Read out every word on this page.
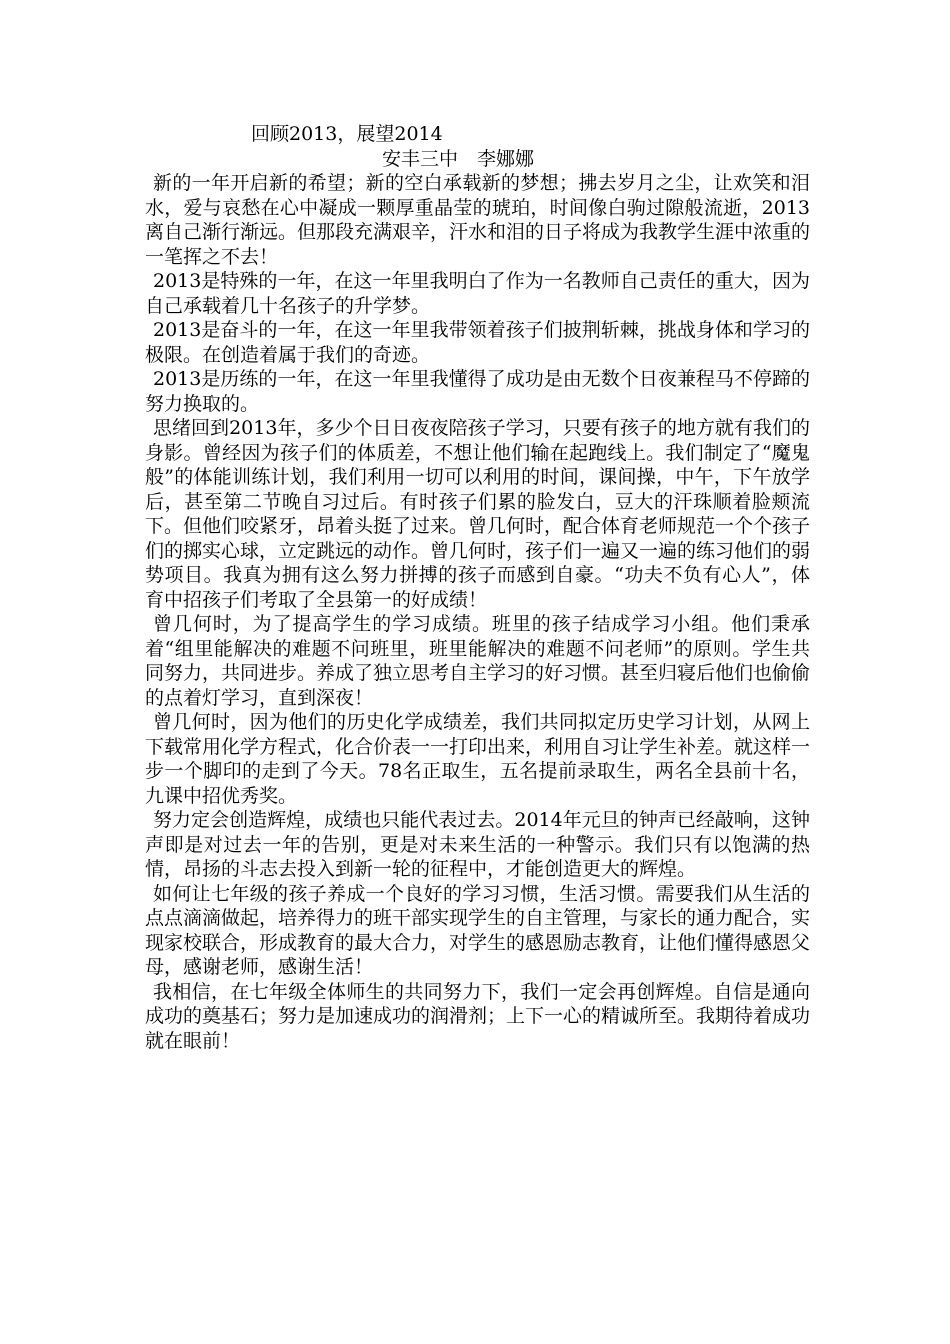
回顾2013，展望2014

安丰三中　李娜娜

新的一年开启新的希望；新的空白承载新的梦想；拂去岁月之尘，让欢笑和泪水，爱与哀愁在心中凝成一颗厚重晶莹的琥珀，时间像白驹过隙般流逝，2013离自己渐行渐远。但那段充满艰辛，汗水和泪的日子将成为我教学生涯中浓重的一笔挥之不去！

2013是特殊的一年，在这一年里我明白了作为一名教师自己责任的重大，因为自己承载着几十名孩子的升学梦。

2013是奋斗的一年，在这一年里我带领着孩子们披荆斩棘，挑战身体和学习的极限。在创造着属于我们的奇迹。

2013是历练的一年，在这一年里我懂得了成功是由无数个日夜兼程马不停蹄的努力换取的。

思绪回到2013年，多少个日日夜夜陪孩子学习，只要有孩子的地方就有我们的身影。曾经因为孩子们的体质差，不想让他们输在起跑线上。我们制定了“魔鬼般”的体能训练计划，我们利用一切可以利用的时间，课间操，中午，下午放学后，甚至第二节晚自习过后。有时孩子们累的脸发白，豆大的汗珠顺着脸颊流下。但他们咬紧牙，昂着头挺了过来。曾几何时，配合体育老师规范一个个孩子们的掷实心球，立定跳远的动作。曾几何时，孩子们一遍又一遍的练习他们的弱势项目。我真为拥有这么努力拼搏的孩子而感到自豪。“功夫不负有心人”，体育中招孩子们考取了全县第一的好成绩！

曾几何时，为了提高学生的学习成绩。班里的孩子结成学习小组。他们秉承着“组里能解决的难题不问班里，班里能解决的难题不问老师”的原则。学生共同努力，共同进步。养成了独立思考自主学习的好习惯。甚至归寝后他们也偷偷的点着灯学习，直到深夜！

曾几何时，因为他们的历史化学成绩差，我们共同拟定历史学习计划，从网上下载常用化学方程式，化合价表一一打印出来，利用自习让学生补差。就这样一步一个脚印的走到了今天。78名正取生，五名提前录取生，两名全县前十名，九课中招优秀奖。

努力定会创造辉煌，成绩也只能代表过去。2014年元旦的钟声已经敲响，这钟声即是对过去一年的告别，更是对未来生活的一种警示。我们只有以饱满的热情，昂扬的斗志去投入到新一轮的征程中，才能创造更大的辉煌。

如何让七年级的孩子养成一个良好的学习习惯，生活习惯。需要我们从生活的点点滴滴做起，培养得力的班干部实现学生的自主管理，与家长的通力配合，实现家校联合，形成教育的最大合力，对学生的感恩励志教育，让他们懂得感恩父母，感谢老师，感谢生活！

我相信，在七年级全体师生的共同努力下，我们一定会再创辉煌。自信是通向成功的奠基石；努力是加速成功的润滑剂；上下一心的精诚所至。我期待着成功就在眼前！
